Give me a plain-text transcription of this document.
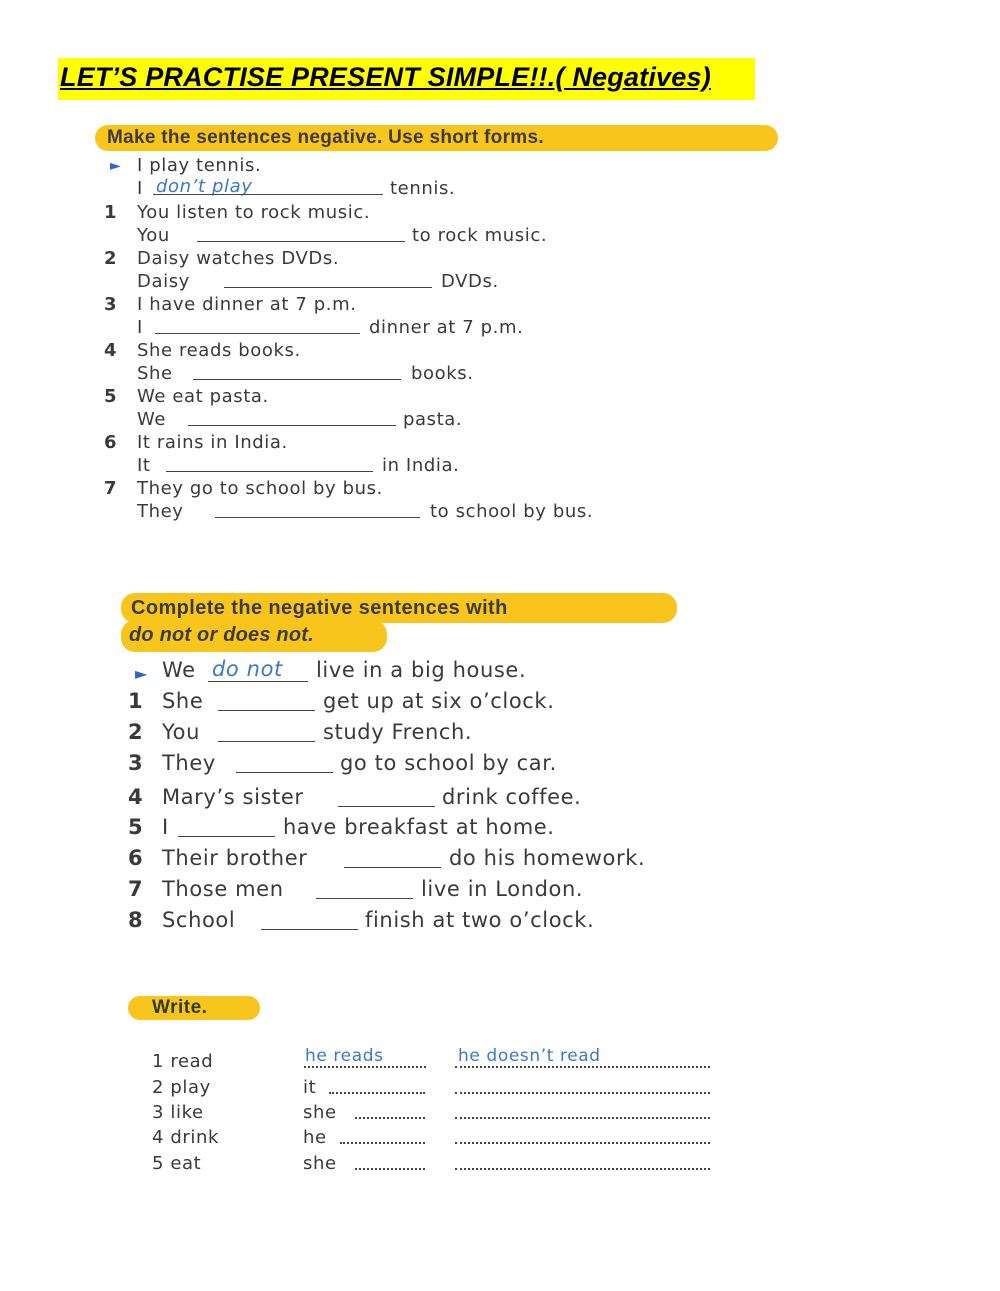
LET’S PRACTISE PRESENT SIMPLE!!.( Negatives)
Make the sentences negative. Use short forms.
► I play tennis.
I don’t play	tennis.
1 You listen to rock music.
You	to rock music.
2 Daisy watches DVDs.
Daisy	DVDs.
3 I have dinner at 7 p.m.
I	dinner at 7 p.m.
4 She reads books.
She	books.
5 We eat pasta.
We	pasta.
6 It rains in India.
It	in India.
7 They go to school by bus.
They	to school by bus.
Complete the negative sentences with
do not or does not.
► We do not live in a big house.
1 She	get up at six o’clock.
2 You	study French.
3 They	go to school by car.
4 Mary’s sister	drink coffee.
5 I	have breakfast at home.
6 Their brother	do his homework.
7 Those men	live in London.
8 School	finish at two o’clock.
Write.
1 read	he reads	he doesn’t read
2 play	it
3 like	she
4 drink	he
5 eat	she
